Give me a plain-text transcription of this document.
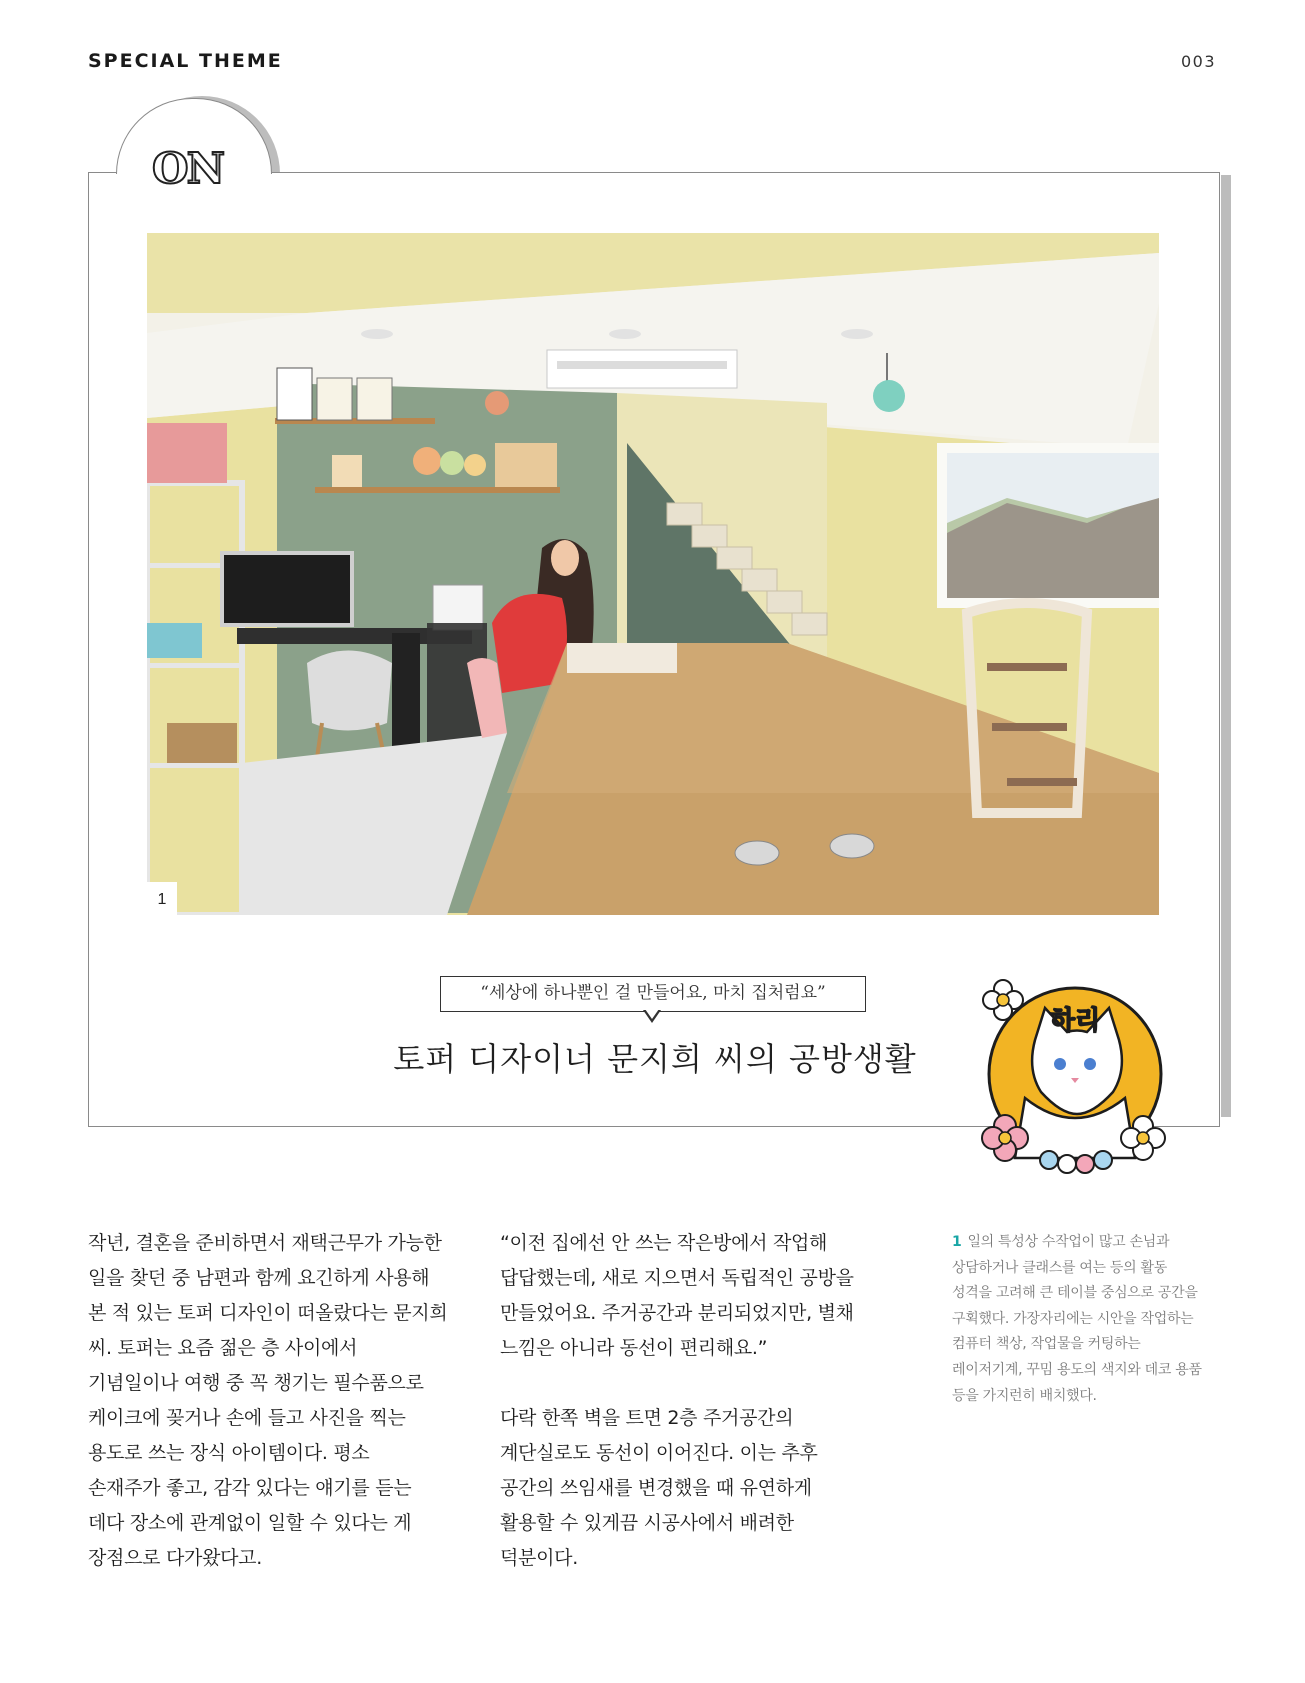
SPECIAL THEME	003
ON
1
“세상에 하나뿐인 걸 만들어요, 마치 집처럼요”
토퍼 디자이너 문지희 씨의 공방생활
하리
작년, 결혼을 준비하면서 재택근무가 가능한
일을 찾던 중 남편과 함께 요긴하게 사용해
본 적 있는 토퍼 디자인이 떠올랐다는 문지희
씨. 토퍼는 요즘 젊은 층 사이에서
기념일이나 여행 중 꼭 챙기는 필수품으로
케이크에 꽂거나 손에 들고 사진을 찍는
용도로 쓰는 장식 아이템이다. 평소
손재주가 좋고, 감각 있다는 얘기를 듣는
데다 장소에 관계없이 일할 수 있다는 게
장점으로 다가왔다고.
“이전 집에선 안 쓰는 작은방에서 작업해
답답했는데, 새로 지으면서 독립적인 공방을
만들었어요. 주거공간과 분리되었지만, 별채
느낌은 아니라 동선이 편리해요.”

다락 한쪽 벽을 트면 2층 주거공간의
계단실로도 동선이 이어진다. 이는 추후
공간의 쓰임새를 변경했을 때 유연하게
활용할 수 있게끔 시공사에서 배려한
덕분이다.
1 일의 특성상 수작업이 많고 손님과
상담하거나 클래스를 여는 등의 활동
성격을 고려해 큰 테이블 중심으로 공간을
구획했다. 가장자리에는 시안을 작업하는
컴퓨터 책상, 작업물을 커팅하는
레이저기계, 꾸밈 용도의 색지와 데코 용품
등을 가지런히 배치했다.
